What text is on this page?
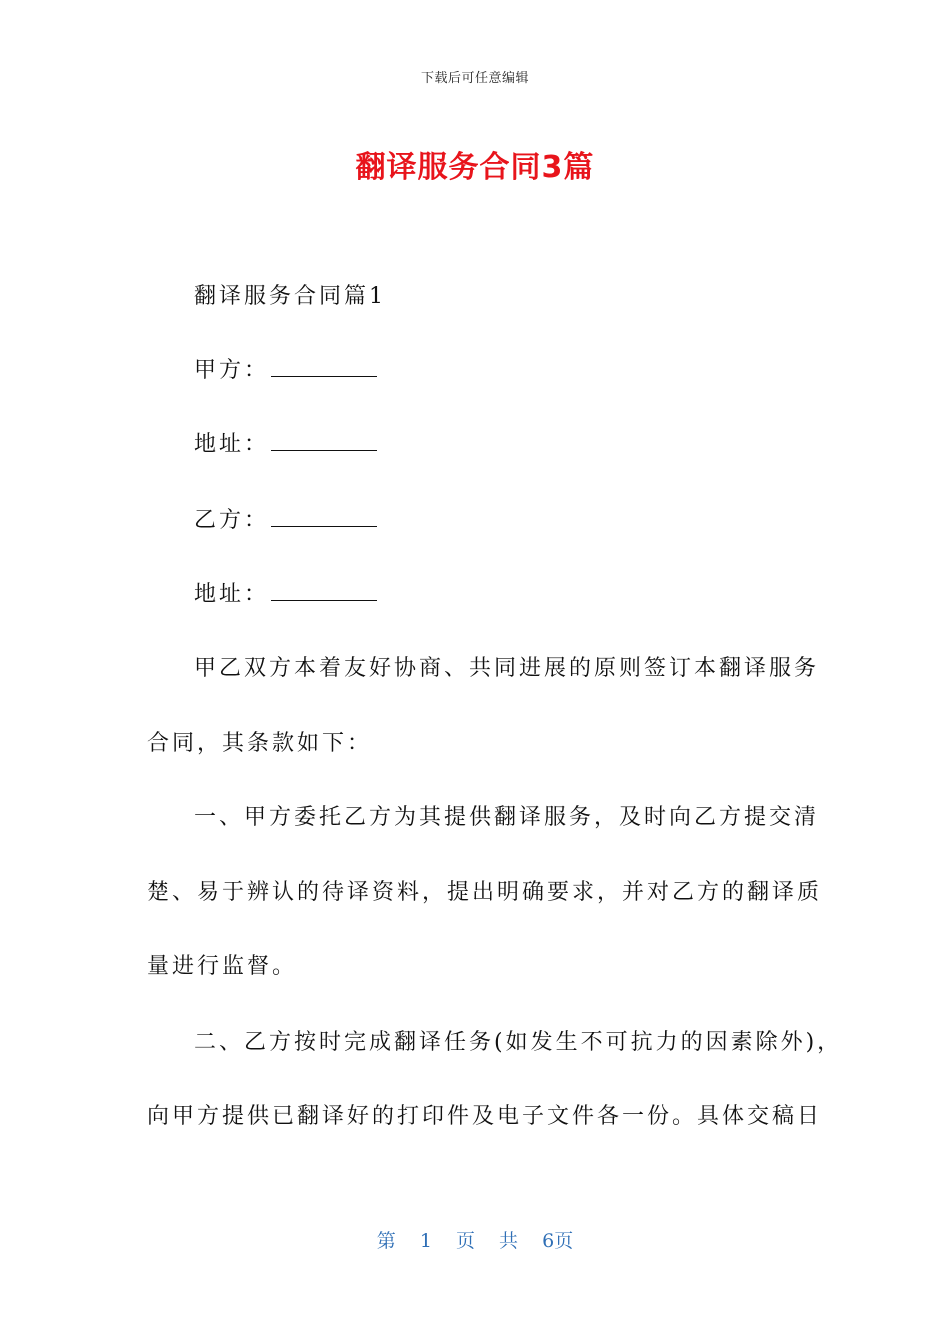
下载后可任意编辑
翻译服务合同3篇
翻译服务合同篇1
甲方：
地址：
乙方：
地址：
甲乙双方本着友好协商、共同进展的原则签订本翻译服务
合同，其条款如下：
一、甲方委托乙方为其提供翻译服务，及时向乙方提交清
楚、易于辨认的待译资料，提出明确要求，并对乙方的翻译质
量进行监督。
二、乙方按时完成翻译任务(如发生不可抗力的因素除外)，
向甲方提供已翻译好的打印件及电子文件各一份。具体交稿日
第 1 页 共 6页
